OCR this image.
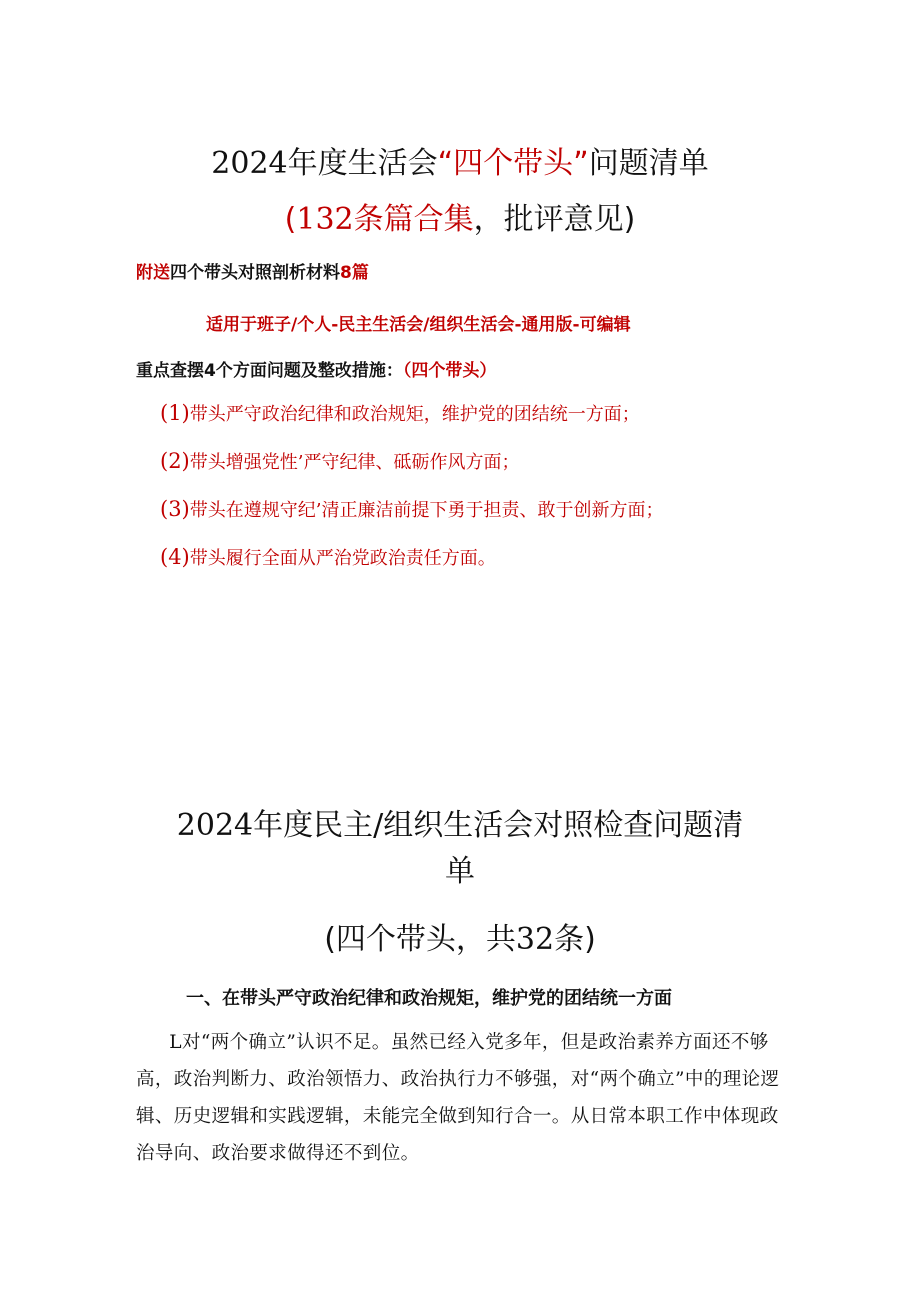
2024年度生活会“四个带头”问题清单
(132条篇合集，批评意见)
附送四个带头对照剖析材料8篇
适用于班子/个人-民主生活会/组织生活会-通用版-可编辑
重点查摆4个方面问题及整改措施：（四个带头）
(1)带头严守政治纪律和政治规矩，维护党的团结统一方面；
(2)带头增强党性’严守纪律、砥砺作风方面；
(3)带头在遵规守纪’清正廉洁前提下勇于担责、敢于创新方面；
(4)带头履行全面从严治党政治责任方面。
2024年度民主/组织生活会对照检查问题清
单
(四个带头，共32条)
一、在带头严守政治纪律和政治规矩，维护党的团结统一方面
L对“两个确立”认识不足。虽然已经入党多年，但是政治素养方面还不够高，政治判断力、政治领悟力、政治执行力不够强，对“两个确立”中的理论逻辑、历史逻辑和实践逻辑，未能完全做到知行合一。从日常本职工作中体现政治导向、政治要求做得还不到位。
